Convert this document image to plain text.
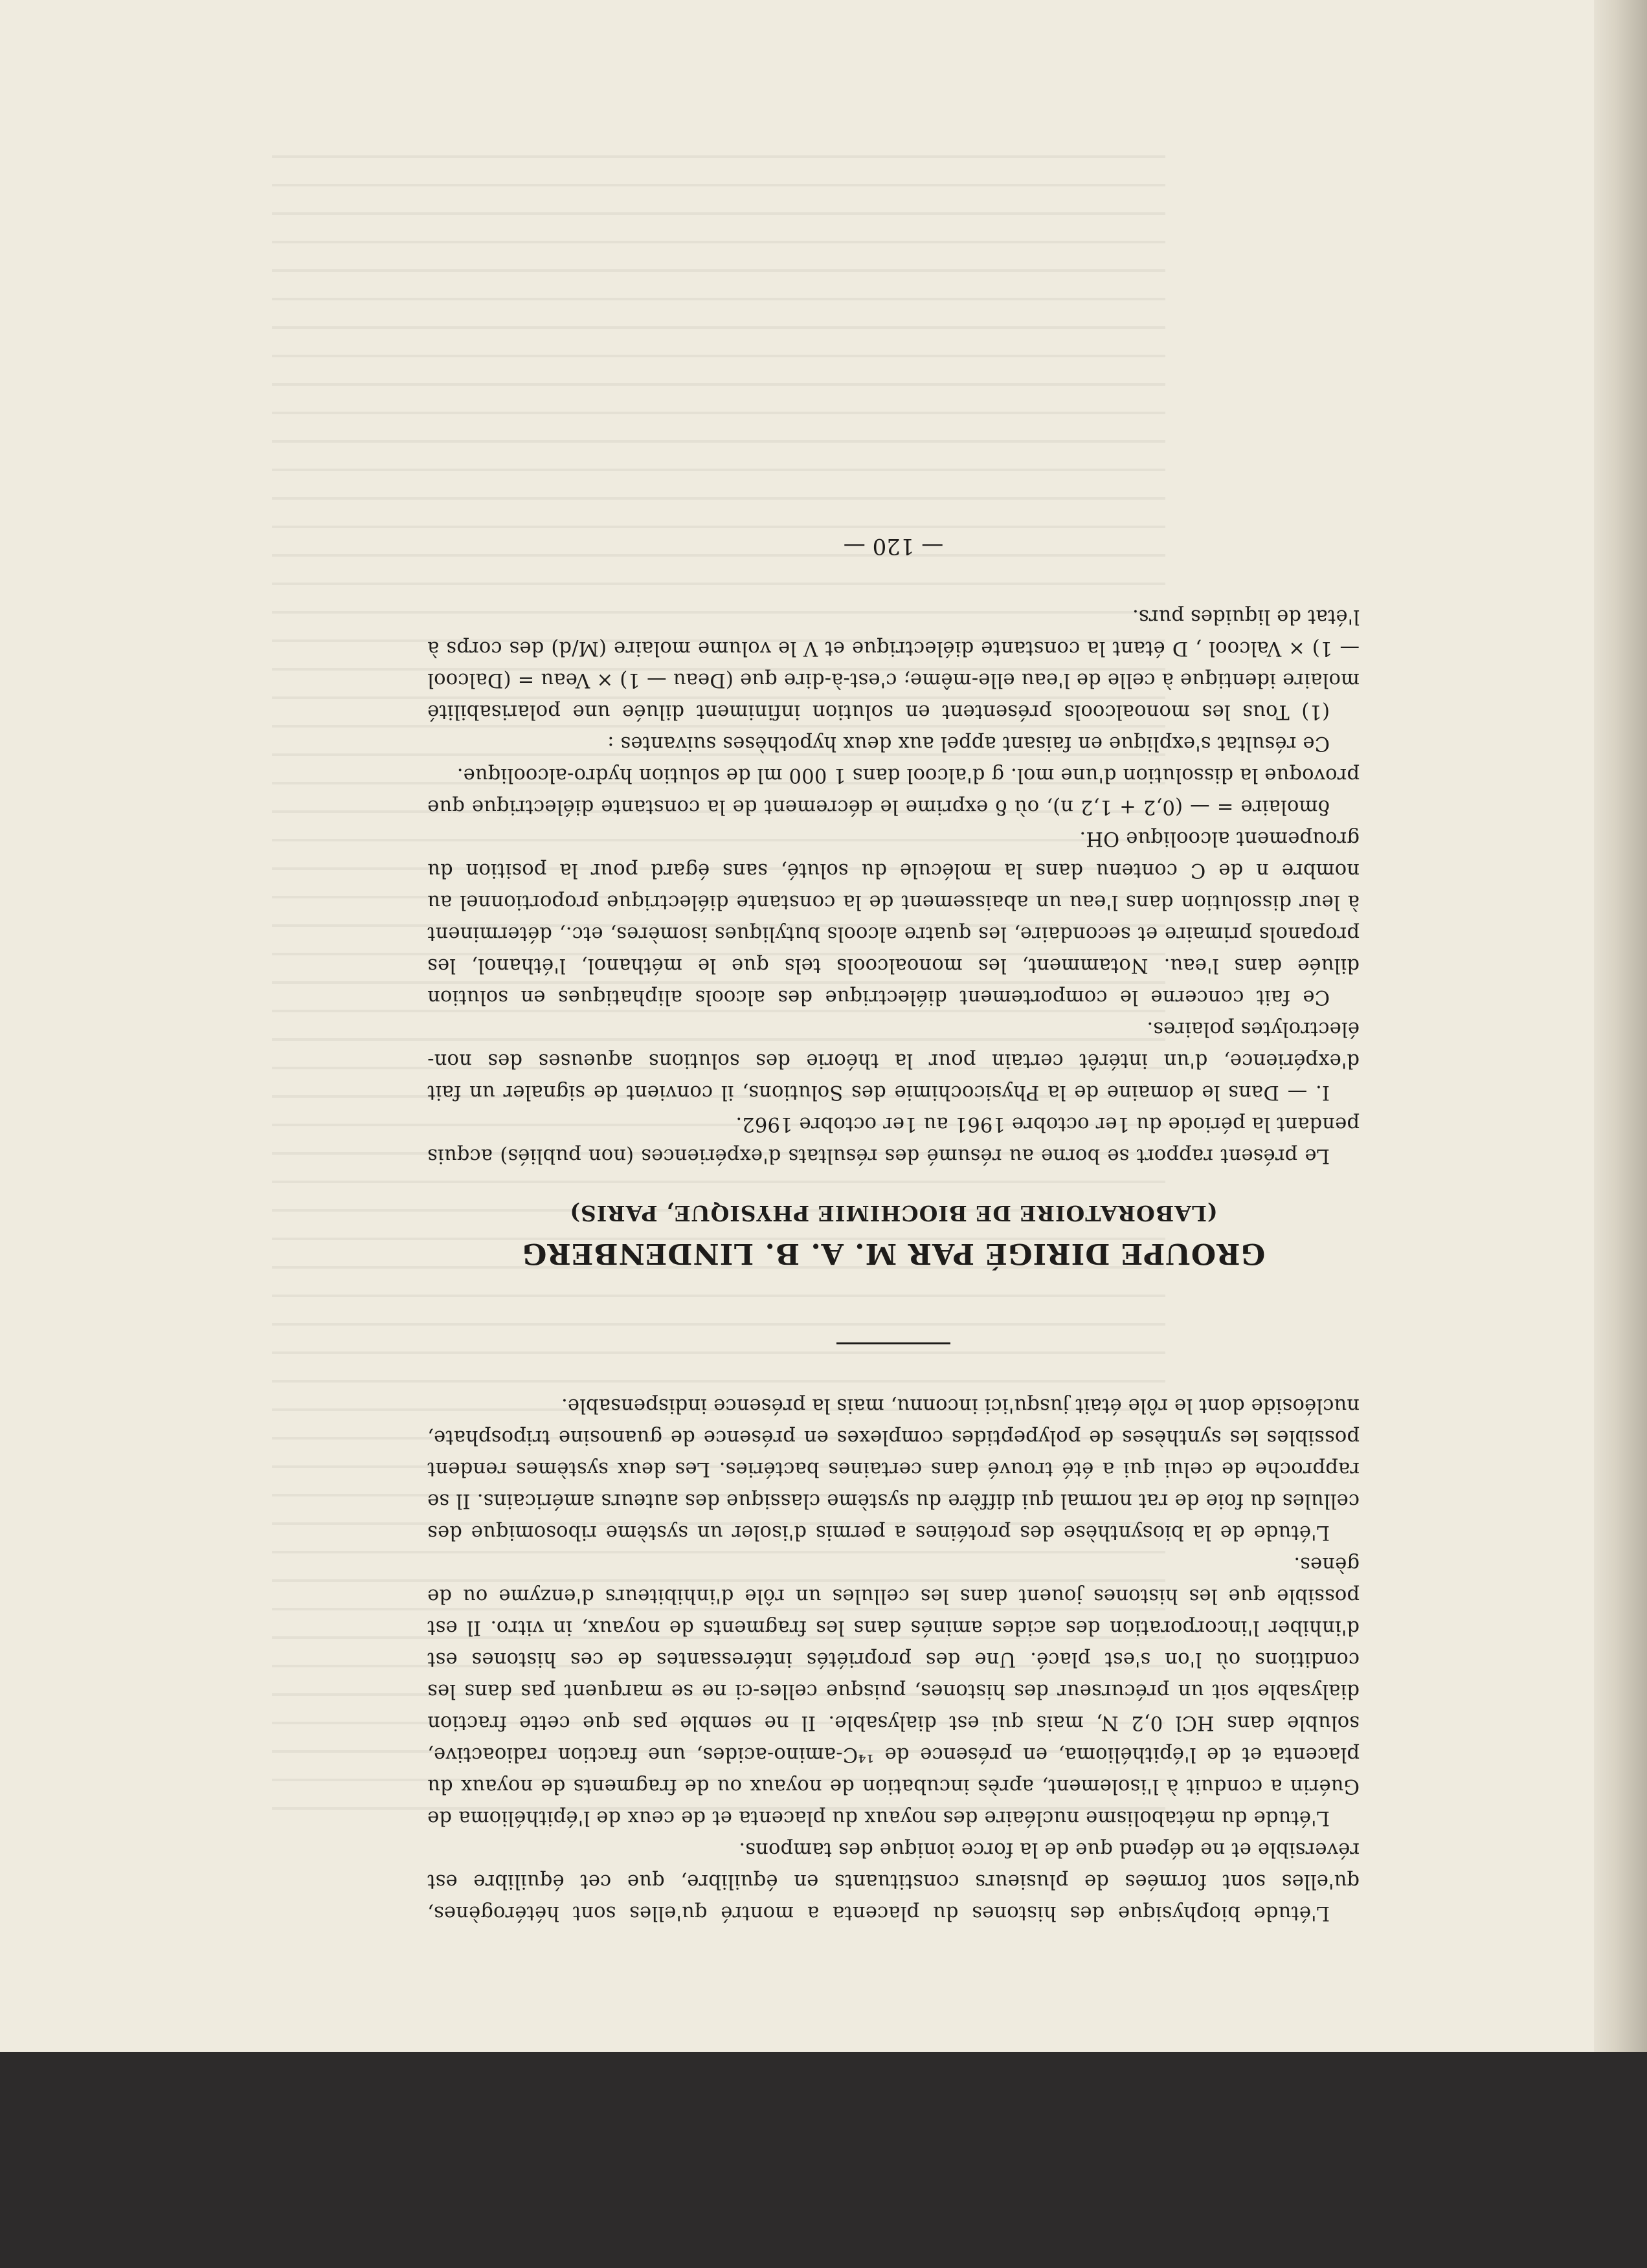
L'étude biophysique des histones du placenta a montré qu'elles sont hétérogènes, qu'elles sont formées de plusieurs constituants en équilibre, que cet équilibre est réversible et ne dépend que de la force ionique des tampons.

L'étude du métabolisme nucléaire des noyaux du placenta et de ceux de l'épithélioma de Guérin a conduit à l'isolement, après incubation de noyaux ou de fragments de noyaux du placenta et de l'épithélioma, en présence de ¹⁴C-amino-acides, une fraction radioactive, soluble dans HCl 0,2 N, mais qui est dialysable. Il ne semble pas que cette fraction dialysable soit un précurseur des histones, puisque celles-ci ne se marquent pas dans les conditions où l'on s'est placé. Une des propriétés intéressantes de ces histones est d'inhiber l'incorporation des acides aminés dans les fragments de noyaux, in vitro. Il est possible que les histones jouent dans les cellules un rôle d'inhibiteurs d'enzyme ou de gènes.

L'étude de la biosynthèse des protéines a permis d'isoler un système ribosomique des cellules du foie de rat normal qui diffère du système classique des auteurs américains. Il se rapproche de celui qui a été trouvé dans certaines bactéries. Les deux systèmes rendent possibles les synthèses de polypeptides complexes en présence de guanosine triposphate, nucléoside dont le rôle était jusqu'ici inconnu, mais la présence indispensable.

GROUPE DIRIGÉ PAR M. A. B. LINDENBERG
(LABORATOIRE DE BIOCHIMIE PHYSIQUE, PARIS)

Le présent rapport se borne au résumé des résultats d'expériences (non publiés) acquis pendant la période du 1er octobre 1961 au 1er octobre 1962.

I. — Dans le domaine de la Physicochimie des Solutions, il convient de signaler un fait d'expérience, d'un intérêt certain pour la théorie des solutions aqueuses des non-électrolytes polaires.

Ce fait concerne le comportement diélectrique des alcools aliphatiques en solution diluée dans l'eau. Notamment, les monoalcools tels que le méthanol, l'éthanol, les propanols primaire et secondaire, les quatre alcools butyliques isomères, etc., déterminent à leur dissolution dans l'eau un abaissement de la constante diélectrique proportionnel au nombre n de C contenu dans la molécule du soluté, sans égard pour la position du groupement alcoolique OH.

δmolaire = — (0,2 + 1,2 n), où δ exprime le décrement de la constante diélectrique que provoque la dissolution d'une mol. g d'alcool dans 1 000 ml de solution hydro-alcoolique.

Ce résultat s'explique en faisant appel aux deux hypothèses suivantes :

(1) Tous les monoalcools présentent en solution infiniment diluée une polarisabilité molaire identique à celle de l'eau elle-même; c'est-à-dire que (Deau — 1) × Veau = (Dalcool — 1) × Valcool , D étant la constante diélectrique et V le volume molaire (M/d) des corps à l'état de liquides purs.

— 120 —
